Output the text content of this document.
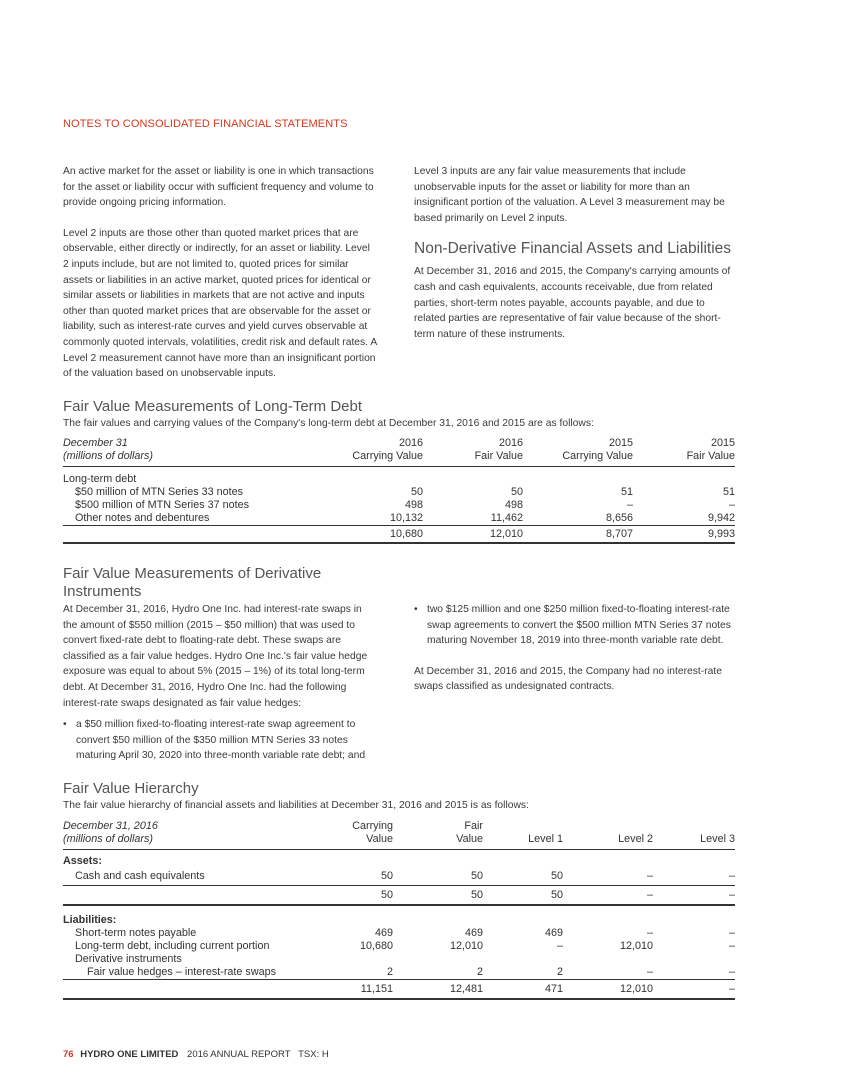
NOTES TO CONSOLIDATED FINANCIAL STATEMENTS

An active market for the asset or liability is one in which transactions for the asset or liability occur with sufficient frequency and volume to provide ongoing pricing information.

Level 2 inputs are those other than quoted market prices that are observable, either directly or indirectly, for an asset or liability. Level 2 inputs include, but are not limited to, quoted prices for similar assets or liabilities in an active market, quoted prices for identical or similar assets or liabilities in markets that are not active and inputs other than quoted market prices that are observable for the asset or liability, such as interest-rate curves and yield curves observable at commonly quoted intervals, volatilities, credit risk and default rates. A Level 2 measurement cannot have more than an insignificant portion of the valuation based on unobservable inputs.

Level 3 inputs are any fair value measurements that include unobservable inputs for the asset or liability for more than an insignificant portion of the valuation. A Level 3 measurement may be based primarily on Level 2 inputs.

Non-Derivative Financial Assets and Liabilities

At December 31, 2016 and 2015, the Company's carrying amounts of cash and cash equivalents, accounts receivable, due from related parties, short-term notes payable, accounts payable, and due to related parties are representative of fair value because of the short-term nature of these instruments.

Fair Value Measurements of Long-Term Debt
The fair values and carrying values of the Company's long-term debt at December 31, 2016 and 2015 are as follows:
December 31	2016	2016	2015	2015
(millions of dollars)	Carrying Value	Fair Value	Carrying Value	Fair Value
Long-term debt				
$50 million of MTN Series 33 notes	50	50	51	51
$500 million of MTN Series 37 notes	498	498	–	–
Other notes and debentures	10,132	11,462	8,656	9,942
	10,680	12,010	8,707	9,993
Fair Value Measurements of Derivative
Instruments

At December 31, 2016, Hydro One Inc. had interest-rate swaps in the amount of $550 million (2015 – $50 million) that was used to convert fixed-rate debt to floating-rate debt. These swaps are classified as a fair value hedges. Hydro One Inc.'s fair value hedge exposure was equal to about 5% (2015 – 1%) of its total long-term debt. At December 31, 2016, Hydro One Inc. had the following interest-rate swaps designated as fair value hedges:

• a $50 million fixed-to-floating interest-rate swap agreement to convert $50 million of the $350 million MTN Series 33 notes maturing April 30, 2020 into three-month variable rate debt; and
• two $125 million and one $250 million fixed-to-floating interest-rate swap agreements to convert the $500 million MTN Series 37 notes maturing November 18, 2019 into three-month variable rate debt.

At December 31, 2016 and 2015, the Company had no interest-rate swaps classified as undesignated contracts.

Fair Value Hierarchy
The fair value hierarchy of financial assets and liabilities at December 31, 2016 and 2015 is as follows:
December 31, 2016	Carrying	Fair			
(millions of dollars)	Value	Value	Level 1	Level 2	Level 3
Assets:					
Cash and cash equivalents	50	50	50	–	–
	50	50	50	–	–
Liabilities:					
Short-term notes payable	469	469	469	–	–
Long-term debt, including current portion	10,680	12,010	–	12,010	–
Derivative instruments					
Fair value hedges – interest-rate swaps	2	2	2	–	–
	11,151	12,481	471	12,010	–
76 HYDRO ONE LIMITED 2016 ANNUAL REPORT   TSX: H
